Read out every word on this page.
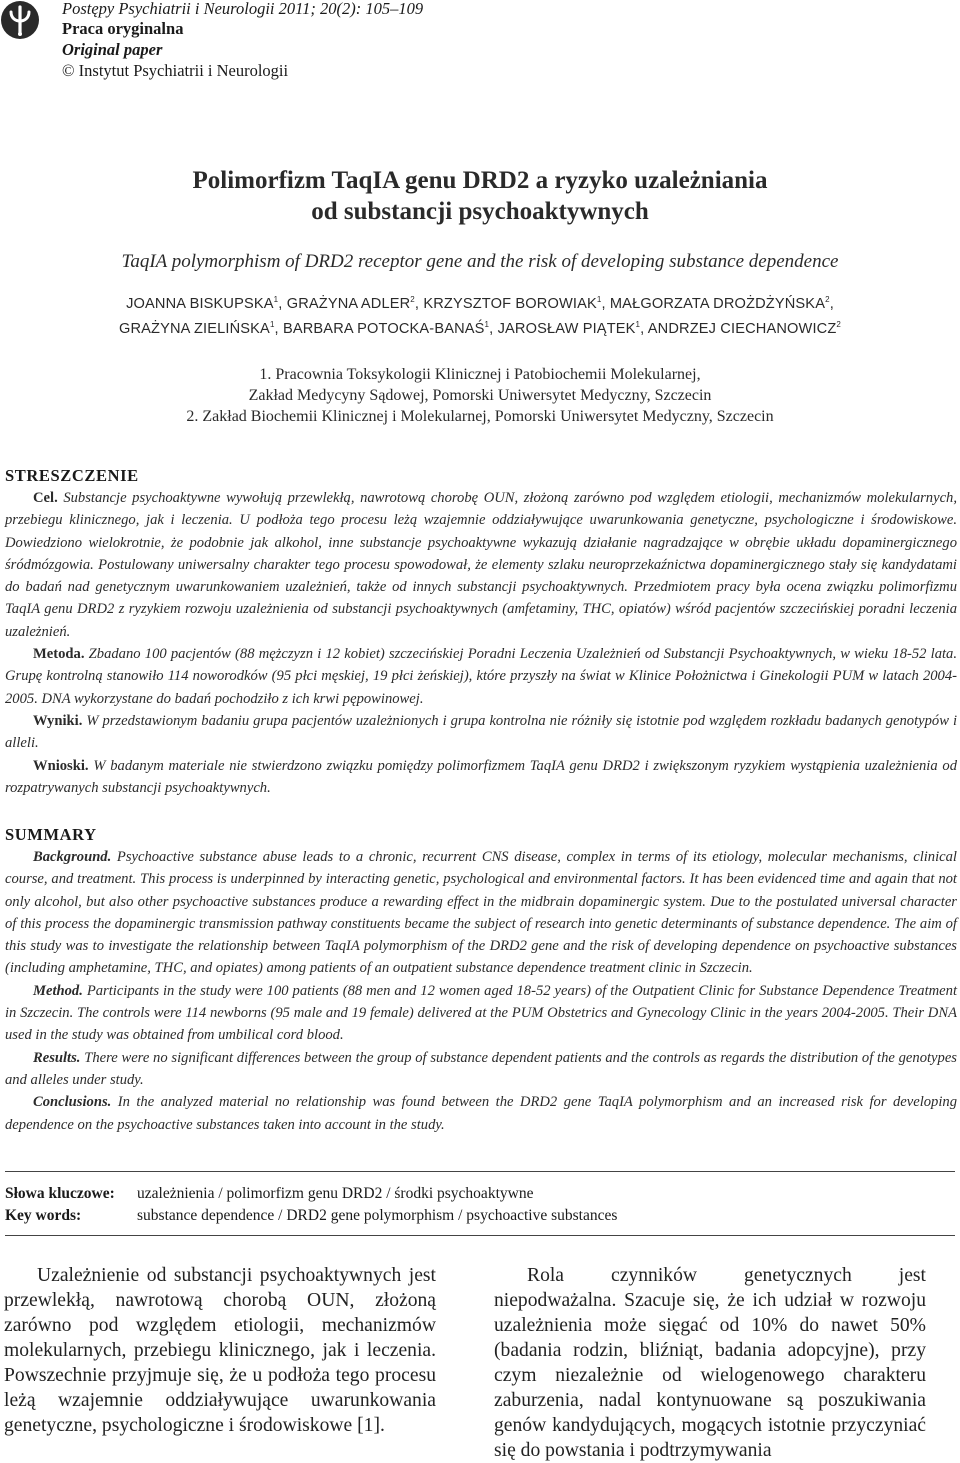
Postępy Psychiatrii i Neurologii 2011; 20(2): 105–109
Praca oryginalna
Original paper
© Instytut Psychiatrii i Neurologii
Polimorfizm TaqIA genu DRD2 a ryzyko uzależniania
od substancji psychoaktywnych
TaqIA polymorphism of DRD2 receptor gene and the risk of developing substance dependence
JOANNA BISKUPSKA$^1$, GRAŻYNA ADLER$^2$, KRZYSZTOF BOROWIAK$^1$, MAŁGORZATA DROŻDŻYŃSKA$^2$,
GRAŻYNA ZIELIŃSKA$^1$, BARBARA POTOCKA-BANAŚ$^1$, JAROSŁAW PIĄTEK$^1$, ANDRZEJ CIECHANOWICZ$^2$
1. Pracownia Toksykologii Klinicznej i Patobiochemii Molekularnej,
Zakład Medycyny Sądowej, Pomorski Uniwersytet Medyczny, Szczecin
2. Zakład Biochemii Klinicznej i Molekularnej, Pomorski Uniwersytet Medyczny, Szczecin
STRESZCZENIE

Cel. Substancje psychoaktywne wywołują przewlekłą, nawrotową chorobę OUN, złożoną zarówno pod względem etiologii, mechanizmów molekularnych, przebiegu klinicznego, jak i leczenia. U podłoża tego procesu leżą wzajemnie oddziaływujące uwarunkowania genetyczne, psychologiczne i środowiskowe. Dowiedziono wielokrotnie, że podobnie jak alkohol, inne substancje psychoaktywne wykazują działanie nagradzające w obrębie układu dopaminergicznego śródmózgowia. Postulowany uniwersalny charakter tego procesu spowodował, że elementy szlaku neuroprzekaźnictwa dopaminergicznego stały się kandydatami do badań nad genetycznym uwarunkowaniem uzależnień, także od innych substancji psychoaktywnych. Przedmiotem pracy była ocena związku polimorfizmu TaqIA genu DRD2 z ryzykiem rozwoju uzależnienia od substancji psychoaktywnych (amfetaminy, THC, opiatów) wśród pacjentów szczecińskiej poradni leczenia uzależnień.

Metoda. Zbadano 100 pacjentów (88 mężczyzn i 12 kobiet) szczecińskiej Poradni Leczenia Uzależnień od Substancji Psychoaktywnych, w wieku 18-52 lata. Grupę kontrolną stanowiło 114 noworodków (95 płci męskiej, 19 płci żeńskiej), które przyszły na świat w Klinice Położnictwa i Ginekologii PUM w latach 2004-2005. DNA wykorzystane do badań pochodziło z ich krwi pępowinowej.

Wyniki. W przedstawionym badaniu grupa pacjentów uzależnionych i grupa kontrolna nie różniły się istotnie pod względem rozkładu badanych genotypów i alleli.

Wnioski. W badanym materiale nie stwierdzono związku pomiędzy polimorfizmem TaqIA genu DRD2 i zwiększonym ryzykiem wystąpienia uzależnienia od rozpatrywanych substancji psychoaktywnych.

SUMMARY

Background. Psychoactive substance abuse leads to a chronic, recurrent CNS disease, complex in terms of its etiology, molecular mechanisms, clinical course, and treatment. This process is underpinned by interacting genetic, psychological and environmental factors. It has been evidenced time and again that not only alcohol, but also other psychoactive substances produce a rewarding effect in the midbrain dopaminergic system. Due to the postulated universal character of this process the dopaminergic transmission pathway constituents became the subject of research into genetic determinants of substance dependence. The aim of this study was to investigate the relationship between TaqIA polymorphism of the DRD2 gene and the risk of developing dependence on psychoactive substances (including amphetamine, THC, and opiates) among patients of an outpatient substance dependence treatment clinic in Szczecin.

Method. Participants in the study were 100 patients (88 men and 12 women aged 18-52 years) of the Outpatient Clinic for Substance Dependence Treatment in Szczecin. The controls were 114 newborns (95 male and 19 female) delivered at the PUM Obstetrics and Gynecology Clinic in the years 2004-2005. Their DNA used in the study was obtained from umbilical cord blood.

Results. There were no significant differences between the group of substance dependent patients and the controls as regards the distribution of the genotypes and alleles under study.

Conclusions. In the analyzed material no relationship was found between the DRD2 gene TaqIA polymorphism and an increased risk for developing dependence on the psychoactive substances taken into account in the study.

Słowa kluczowe: uzależnienia / polimorfizm genu DRD2 / środki psychoaktywne
Key words:	substance dependence / DRD2 gene polymorphism / psychoactive substances

Uzależnienie od substancji psychoaktywnych jest przewlekłą, nawrotową chorobą OUN, złożoną zarówno pod względem etiologii, mechanizmów molekularnych, przebiegu klinicznego, jak i leczenia. Powszechnie przyjmuje się, że u podłoża tego procesu leżą wzajemnie oddziaływujące uwarunkowania genetyczne, psychologiczne i środowiskowe [1].

Rola czynników genetycznych jest niepodważalna. Szacuje się, że ich udział w rozwoju uzależnienia może sięgać od 10% do nawet 50% (badania rodzin, bliźniąt, badania adopcyjne), przy czym niezależnie od wielogenowego charakteru zaburzenia, nadal kontynuowane są poszukiwania genów kandydujących, mogących istotnie przyczyniać się do powstania i podtrzymywania
